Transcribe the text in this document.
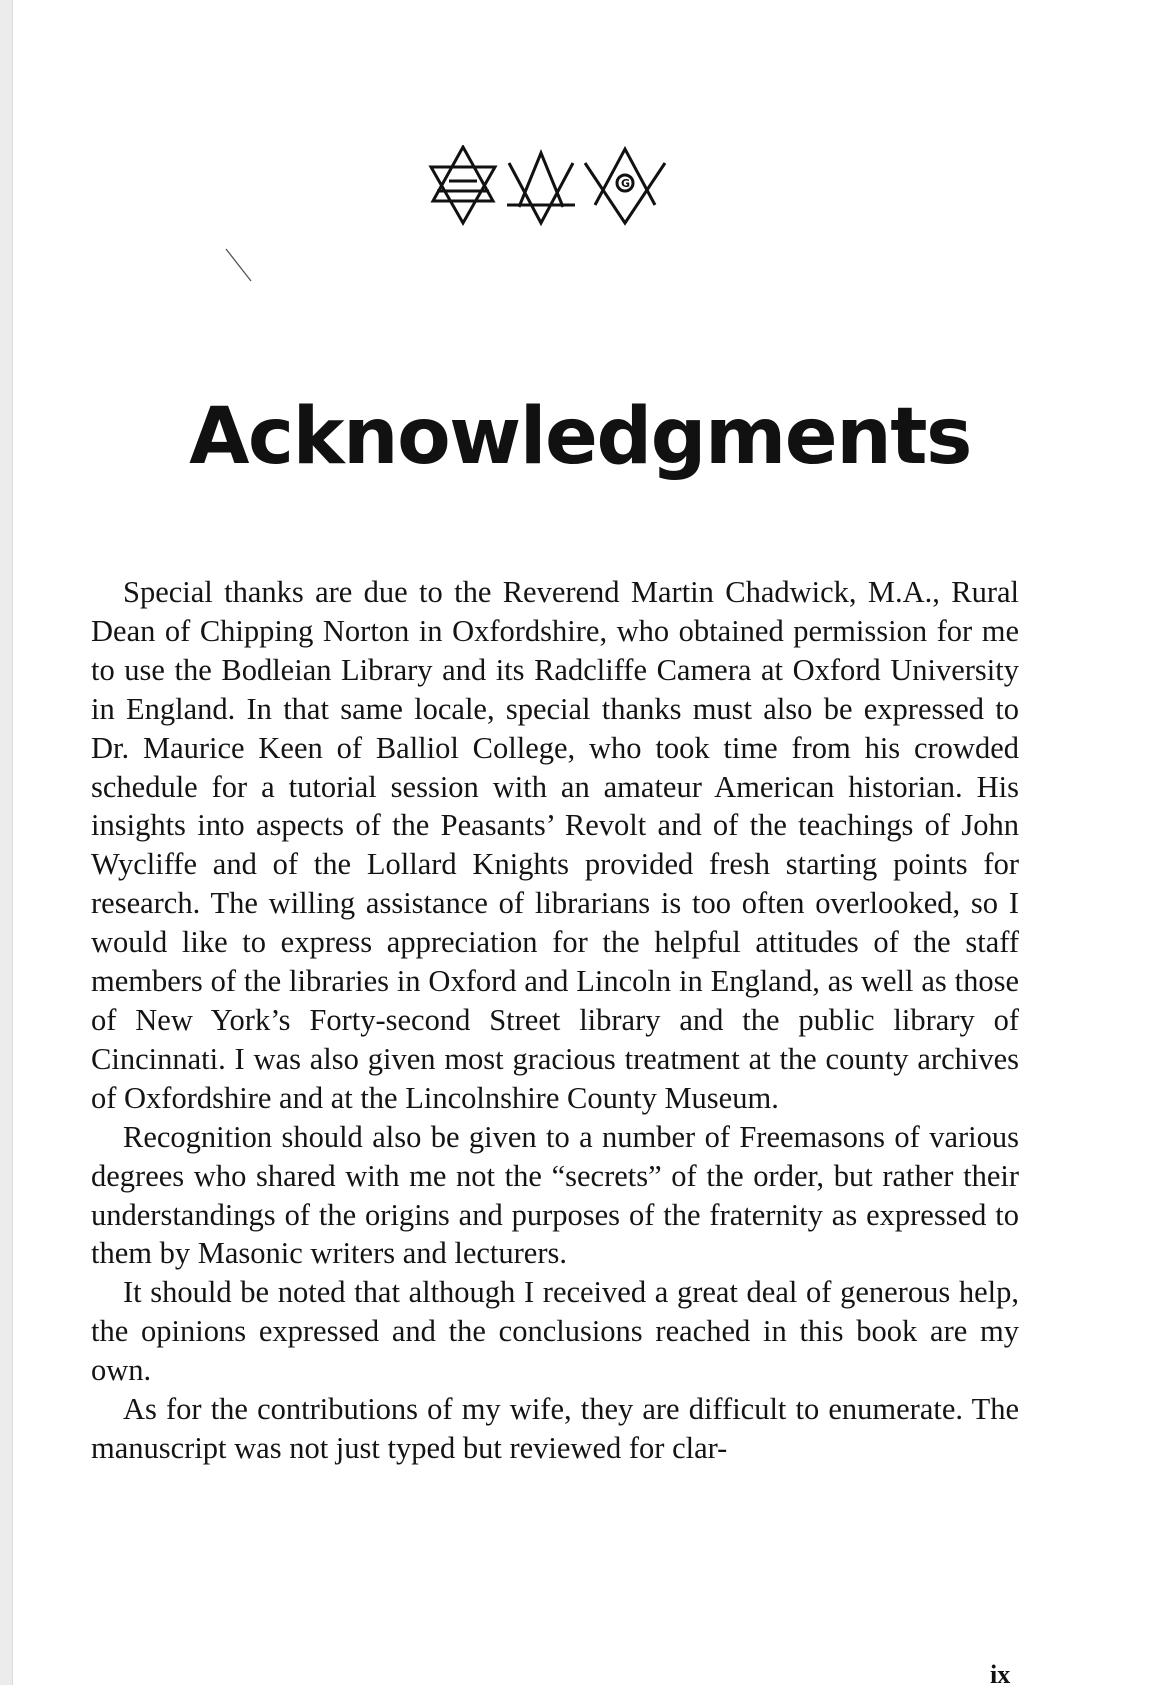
G
Acknowledgments

Special thanks are due to the Reverend Martin Chadwick, M.A., Rural Dean of Chipping Norton in Oxfordshire, who obtained permission for me to use the Bodleian Library and its Radcliffe Camera at Oxford University in England. In that same locale, special thanks must also be expressed to Dr. Maurice Keen of Balliol College, who took time from his crowded schedule for a tutorial session with an amateur American historian. His insights into aspects of the Peasants’ Revolt and of the teachings of John Wycliffe and of the Lollard Knights provided fresh starting points for research. The willing assistance of librarians is too often overlooked, so I would like to express appreciation for the helpful attitudes of the staff members of the libraries in Oxford and Lincoln in England, as well as those of New York’s Forty-second Street library and the public library of Cincinnati. I was also given most gracious treatment at the county archives of Oxfordshire and at the Lincolnshire County Museum.

Recognition should also be given to a number of Freemasons of various degrees who shared with me not the “secrets” of the order, but rather their understandings of the origins and purposes of the fraternity as expressed to them by Masonic writers and lecturers.

It should be noted that although I received a great deal of generous help, the opinions expressed and the conclusions reached in this book are my own.

As for the contributions of my wife, they are difficult to enumerate. The manuscript was not just typed but reviewed for clar-

ix
